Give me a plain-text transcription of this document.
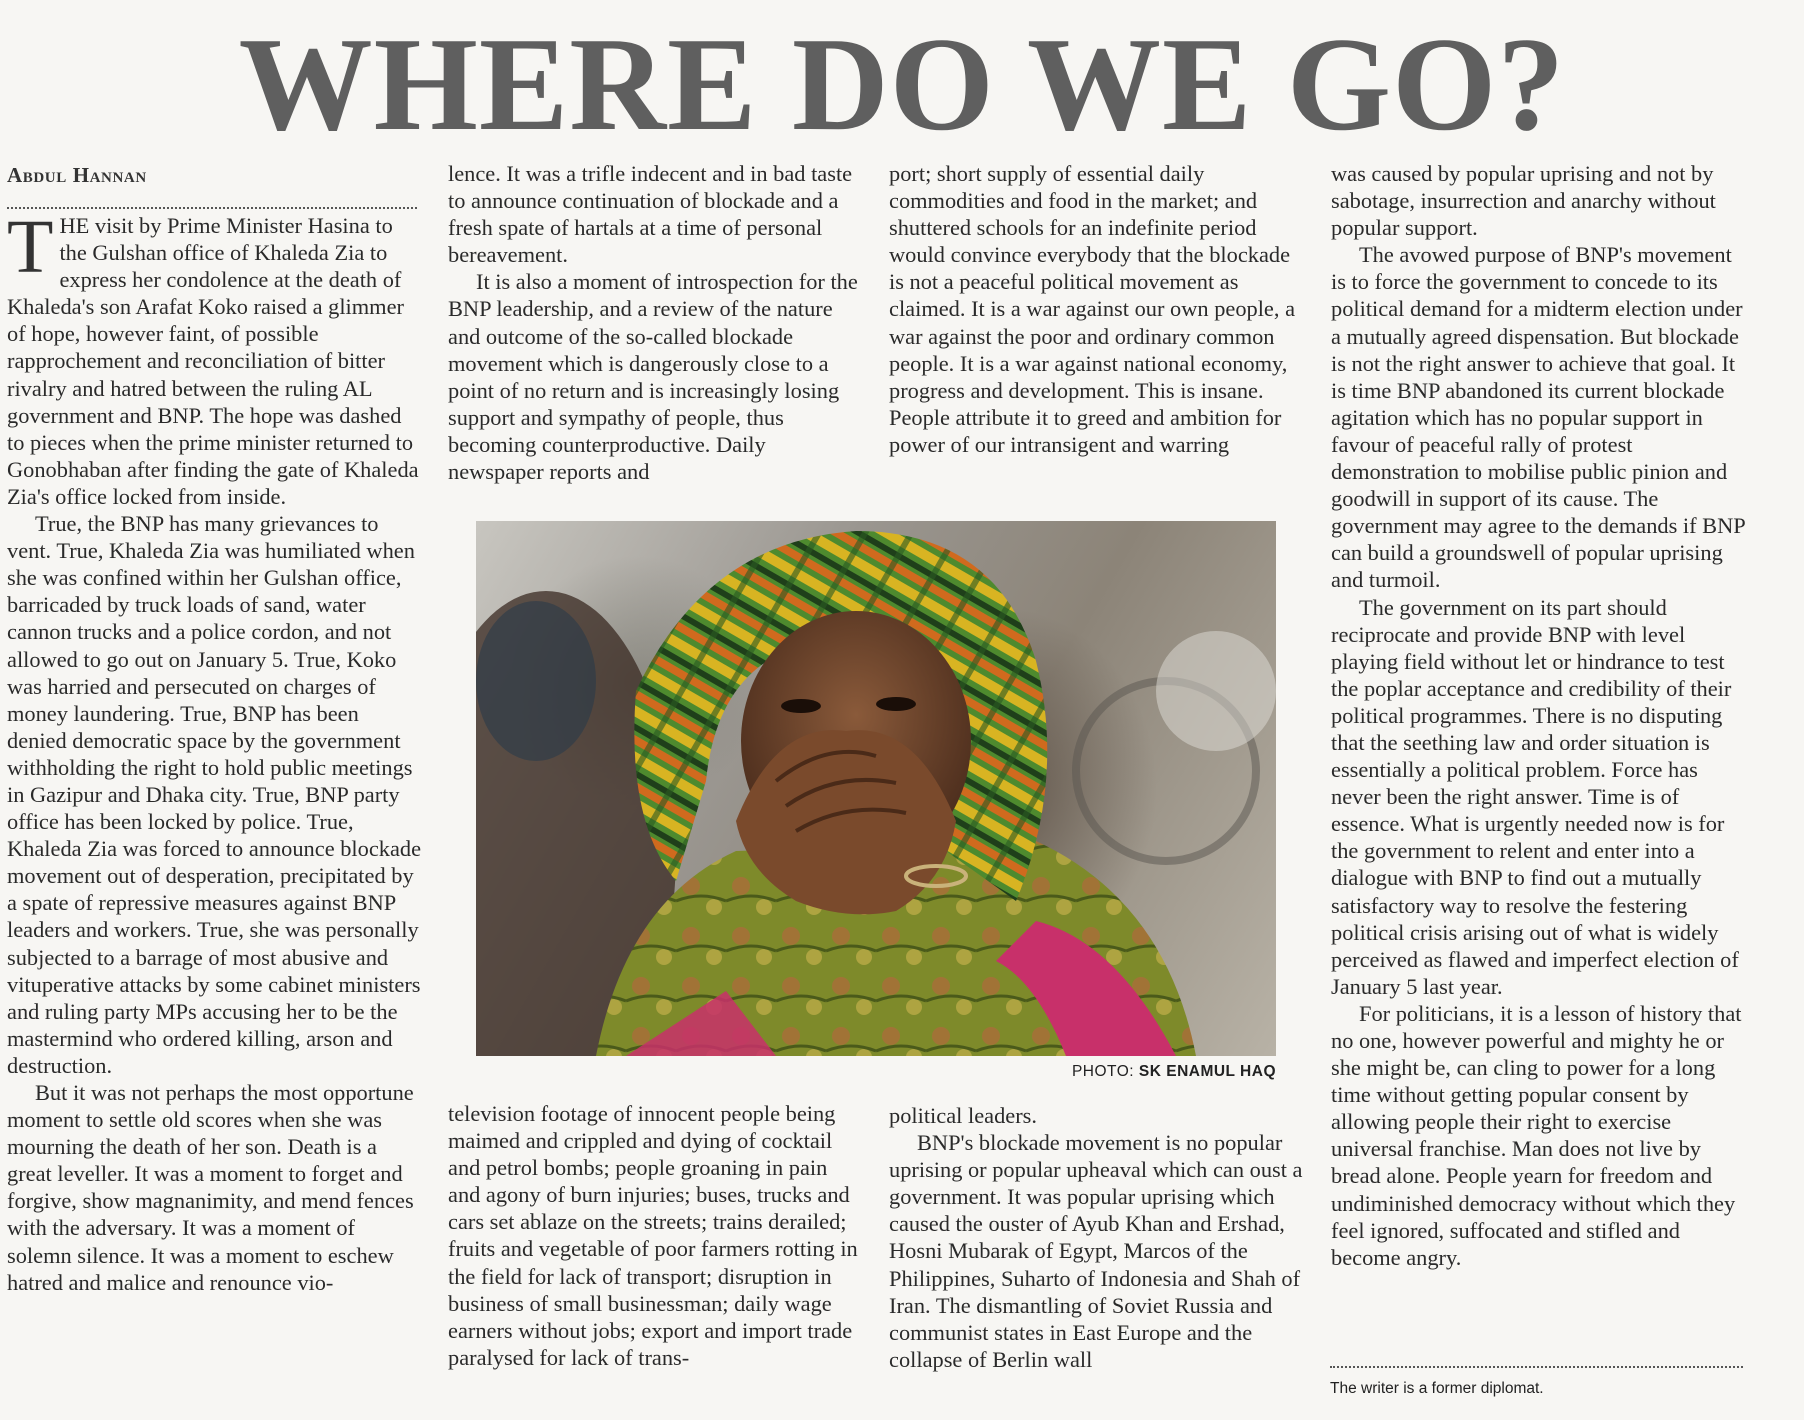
WHERE DO WE GO?
Abdul Hannan

THE visit by Prime Minister Hasina to the Gulshan office of Khaleda Zia to express her condolence at the death of Khaleda's son Arafat Koko raised a glimmer of hope, however faint, of possible rapprochement and reconciliation of bitter rivalry and hatred between the ruling AL government and BNP. The hope was dashed to pieces when the prime minister returned to Gonobhaban after finding the gate of Khaleda Zia's office locked from inside.

True, the BNP has many grievances to vent. True, Khaleda Zia was humiliated when she was confined within her Gulshan office, barricaded by truck loads of sand, water cannon trucks and a police cordon, and not allowed to go out on January 5. True, Koko was harried and persecuted on charges of money laundering. True, BNP has been denied democratic space by the government withholding the right to hold public meetings in Gazipur and Dhaka city. True, BNP party office has been locked by police. True, Khaleda Zia was forced to announce blockade movement out of desperation, precipitated by a spate of repressive measures against BNP leaders and workers. True, she was personally subjected to a barrage of most abusive and vituperative attacks by some cabinet ministers and ruling party MPs accusing her to be the mastermind who ordered killing, arson and destruction.

But it was not perhaps the most opportune moment to settle old scores when she was mourning the death of her son. Death is a great leveller. It was a moment to forget and forgive, show magnanimity, and mend fences with the adversary. It was a moment of solemn silence. It was a moment to eschew hatred and malice and renounce vio-

lence. It was a trifle indecent and in bad taste to announce continuation of blockade and a fresh spate of hartals at a time of personal bereavement.

It is also a moment of introspection for the BNP leadership, and a review of the nature and outcome of the so-called blockade movement which is dangerously close to a point of no return and is increasingly losing support and sympathy of people, thus becoming counterproductive. Daily newspaper reports and

port; short supply of essential daily commodities and food in the market; and shuttered schools for an indefinite period would convince everybody that the blockade is not a peaceful political movement as claimed. It is a war against our own people, a war against the poor and ordinary common people. It is a war against national economy, progress and development. This is insane. People attribute it to greed and ambition for power of our intransigent and warring

was caused by popular uprising and not by sabotage, insurrection and anarchy without popular support.

The avowed purpose of BNP's movement is to force the government to concede to its political demand for a midterm election under a mutually agreed dispensation. But blockade is not the right answer to achieve that goal. It is time BNP abandoned its current blockade agitation which has no popular support in favour of peaceful rally of protest demonstration to mobilise public pinion and goodwill in support of its cause. The government may agree to the demands if BNP can build a groundswell of popular uprising and turmoil.

The government on its part should reciprocate and provide BNP with level playing field without let or hindrance to test the poplar acceptance and credibility of their political programmes. There is no disputing that the seething law and order situation is essentially a political problem. Force has never been the right answer. Time is of essence. What is urgently needed now is for the government to relent and enter into a dialogue with BNP to find out a mutually satisfactory way to resolve the festering political crisis arising out of what is widely perceived as flawed and imperfect election of January 5 last year.

For politicians, it is a lesson of history that no one, however powerful and mighty he or she might be, can cling to power for a long time without getting popular consent by allowing people their right to exercise universal franchise. Man does not live by bread alone. People yearn for freedom and undiminished democracy without which they feel ignored, suffocated and stifled and become angry.

PHOTO: SK ENAMUL HAQ

television footage of innocent people being maimed and crippled and dying of cocktail and petrol bombs; people groaning in pain and agony of burn injuries; buses, trucks and cars set ablaze on the streets; trains derailed; fruits and vegetable of poor farmers rotting in the field for lack of transport; disruption in business of small businessman; daily wage earners without jobs; export and import trade paralysed for lack of trans-

political leaders.

BNP's blockade movement is no popular uprising or popular upheaval which can oust a government. It was popular uprising which caused the ouster of Ayub Khan and Ershad, Hosni Mubarak of Egypt, Marcos of the Philippines, Suharto of Indonesia and Shah of Iran. The dismantling of Soviet Russia and communist states in East Europe and the collapse of Berlin wall

The writer is a former diplomat.
